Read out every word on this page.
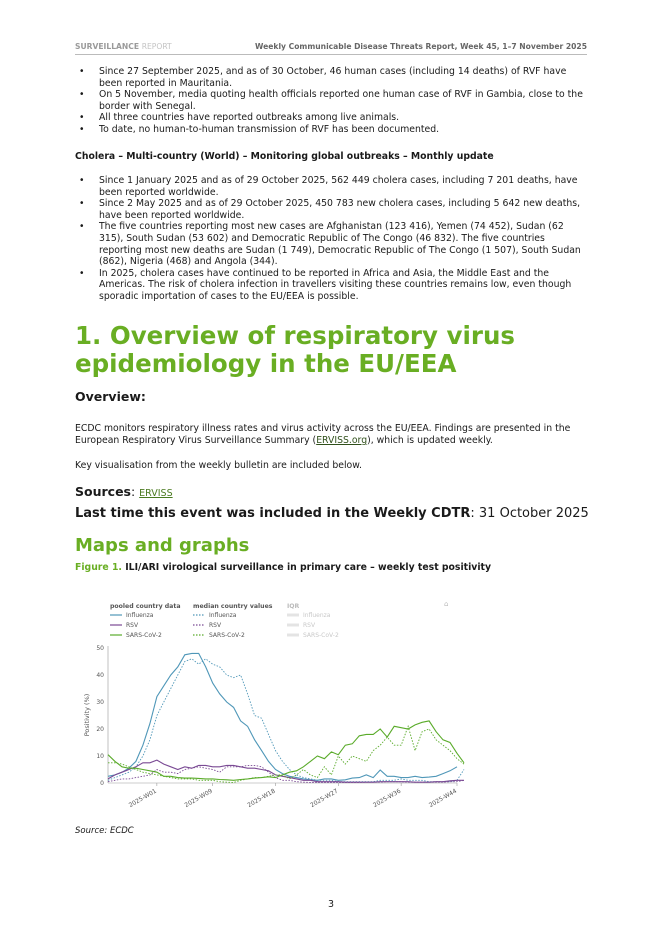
SURVEILLANCE REPORT	Weekly Communicable Disease Threats Report, Week 45, 1–7 November 2025
• Since 27 September 2025, and as of 30 October, 46 human cases (including 14 deaths) of RVF have been reported in Mauritania.
• On 5 November, media quoting health officials reported one human case of RVF in Gambia, close to the border with Senegal.
• All three countries have reported outbreaks among live animals.
• To date, no human-to-human transmission of RVF has been documented.
Cholera – Multi-country (World) – Monitoring global outbreaks – Monthly update
• Since 1 January 2025 and as of 29 October 2025, 562 449 cholera cases, including 7 201 deaths, have been reported worldwide.
• Since 2 May 2025 and as of 29 October 2025, 450 783 new cholera cases, including 5 642 new deaths, have been reported worldwide.
• The five countries reporting most new cases are Afghanistan (123 416), Yemen (74 452), Sudan (62 315), South Sudan (53 602) and Democratic Republic of The Congo (46 832). The five countries reporting most new deaths are Sudan (1 749), Democratic Republic of The Congo (1 507), South Sudan (862), Nigeria (468) and Angola (344).
• In 2025, cholera cases have continued to be reported in Africa and Asia, the Middle East and the Americas. The risk of cholera infection in travellers visiting these countries remains low, even though sporadic importation of cases to the EU/EEA is possible.
1. Overview of respiratory virus epidemiology in the EU/EEA
Overview:

ECDC monitors respiratory illness rates and virus activity across the EU/EEA. Findings are presented in the European Respiratory Virus Surveillance Summary (ERVISS.org), which is updated weekly.

Key visualisation from the weekly bulletin are included below.

Sources: ERVISS
Last time this event was included in the Weekly CDTR: 31 October 2025
Maps and graphs
Figure 1. ILI/ARI virological surveillance in primary care – weekly test positivity
pooled country data median country values IQR
Influenza	Influenza	Influenza
RSV	RSV	RSV
SARS-CoV-2	SARS-CoV-2	SARS-CoV-2
⌂
0
10
20
30
40
50
2025-W01	2025-W09	2025-W18	2025-W27	2025-W36	2025-W44
Positivity (%)
Source: ECDC
3
